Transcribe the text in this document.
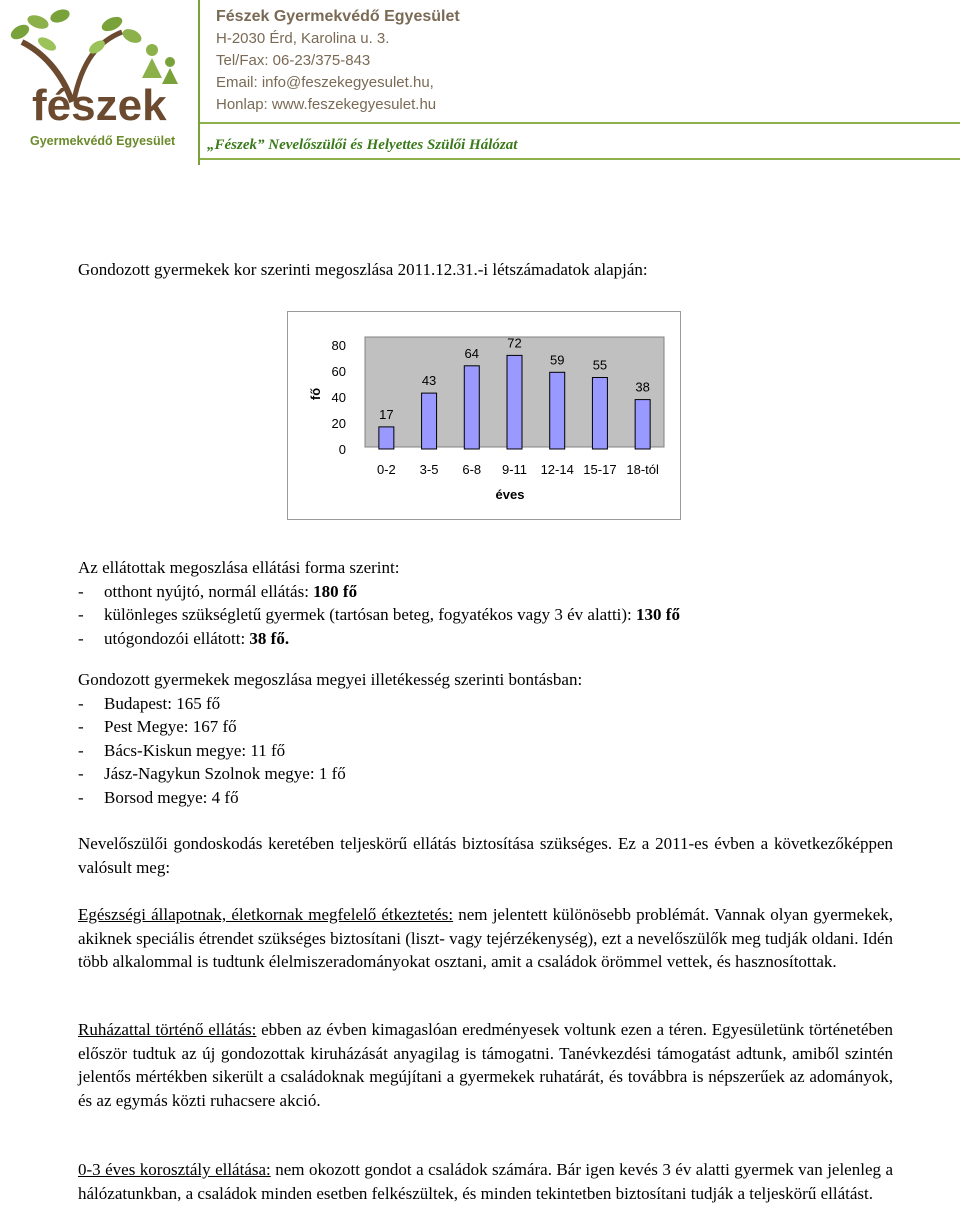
fészek
Gyermekvédő Egyesület
Fészek Gyermekvédő Egyesület
H-2030 Érd, Karolina u. 3.
Tel/Fax: 06-23/375-843
Email: info@feszekegyesulet.hu,
Honlap: www.feszekegyesulet.hu
„Fészek” Nevelőszülői és Helyettes Szülői Hálózat
Gondozott gyermekek kor szerinti megoszlása 2011.12.31.-i létszámadatok alapján:
0
20
40
60
80
17
0-2
43
3-5
64
6-8
72
9-11
59
12-14
55
15-17
38
18-tól
fő
éves
Az ellátottak megoszlása ellátási forma szerint:
- otthont nyújtó, normál ellátás: 180 fő
- különleges szükségletű gyermek (tartósan beteg, fogyatékos vagy 3 év alatti): 130 fő
- utógondozói ellátott: 38 fő.
Gondozott gyermekek megoszlása megyei illetékesség szerinti bontásban:
- Budapest: 165 fő
- Pest Megye: 167 fő
- Bács-Kiskun megye: 11 fő
- Jász-Nagykun Szolnok megye: 1 fő
- Borsod megye: 4 fő
Nevelőszülői gondoskodás keretében teljeskörű ellátás biztosítása szükséges. Ez a 2011-es évben a következőképpen valósult meg:
Egészségi állapotnak, életkornak megfelelő étkeztetés: nem jelentett különösebb problémát. Vannak olyan gyermekek, akiknek speciális étrendet szükséges biztosítani (liszt- vagy tejérzékenység), ezt a nevelőszülők meg tudják oldani. Idén több alkalommal is tudtunk élelmiszeradományokat osztani, amit a családok örömmel vettek, és hasznosítottak.
Ruházattal történő ellátás: ebben az évben kimagaslóan eredményesek voltunk ezen a téren. Egyesületünk történetében először tudtuk az új gondozottak kiruházását anyagilag is támogatni. Tanévkezdési támogatást adtunk, amiből szintén jelentős mértékben sikerült a családoknak megújítani a gyermekek ruhatárát, és továbbra is népszerűek az adományok, és az egymás közti ruhacsere akció.
0-3 éves korosztály ellátása: nem okozott gondot a családok számára. Bár igen kevés 3 év alatti gyermek van jelenleg a hálózatunkban, a családok minden esetben felkészültek, és minden tekintetben biztosítani tudják a teljeskörű ellátást.
